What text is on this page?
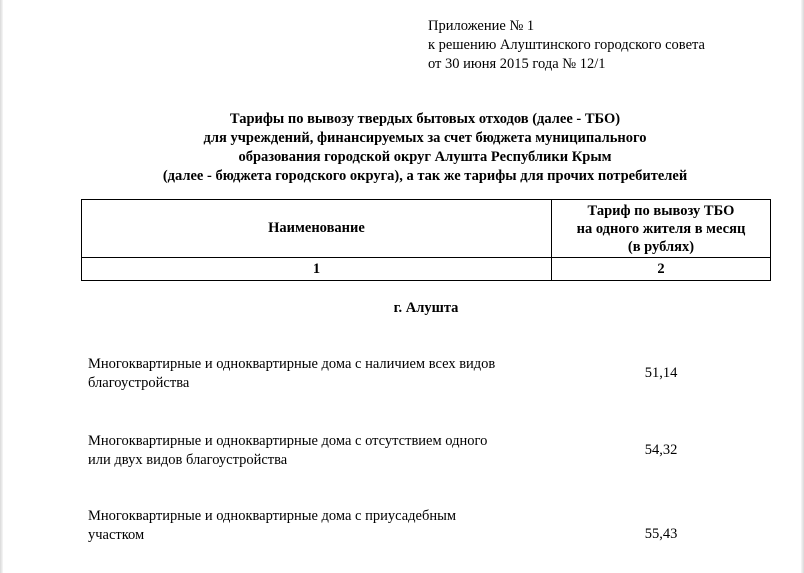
Приложение № 1
к решению Алуштинского городского совета
от 30 июня 2015 года № 12/1
Тарифы по вывозу твердых бытовых отходов (далее - ТБО)
для учреждений, финансируемых за счет бюджета муниципального
образования городской округ Алушта Республики Крым
(далее - бюджета городского округа), а так же тарифы для прочих потребителей
Наименование	Тариф по вывозу ТБО
на одного жителя в месяц
(в рублях)

1	2
г. Алушта
Многоквартирные и одноквартирные дома с наличием всех видов
благоустройства
51,14
Многоквартирные и одноквартирные дома с отсутствием одного
или двух видов благоустройства
54,32
Многоквартирные и одноквартирные дома с приусадебным
участком	55,43
